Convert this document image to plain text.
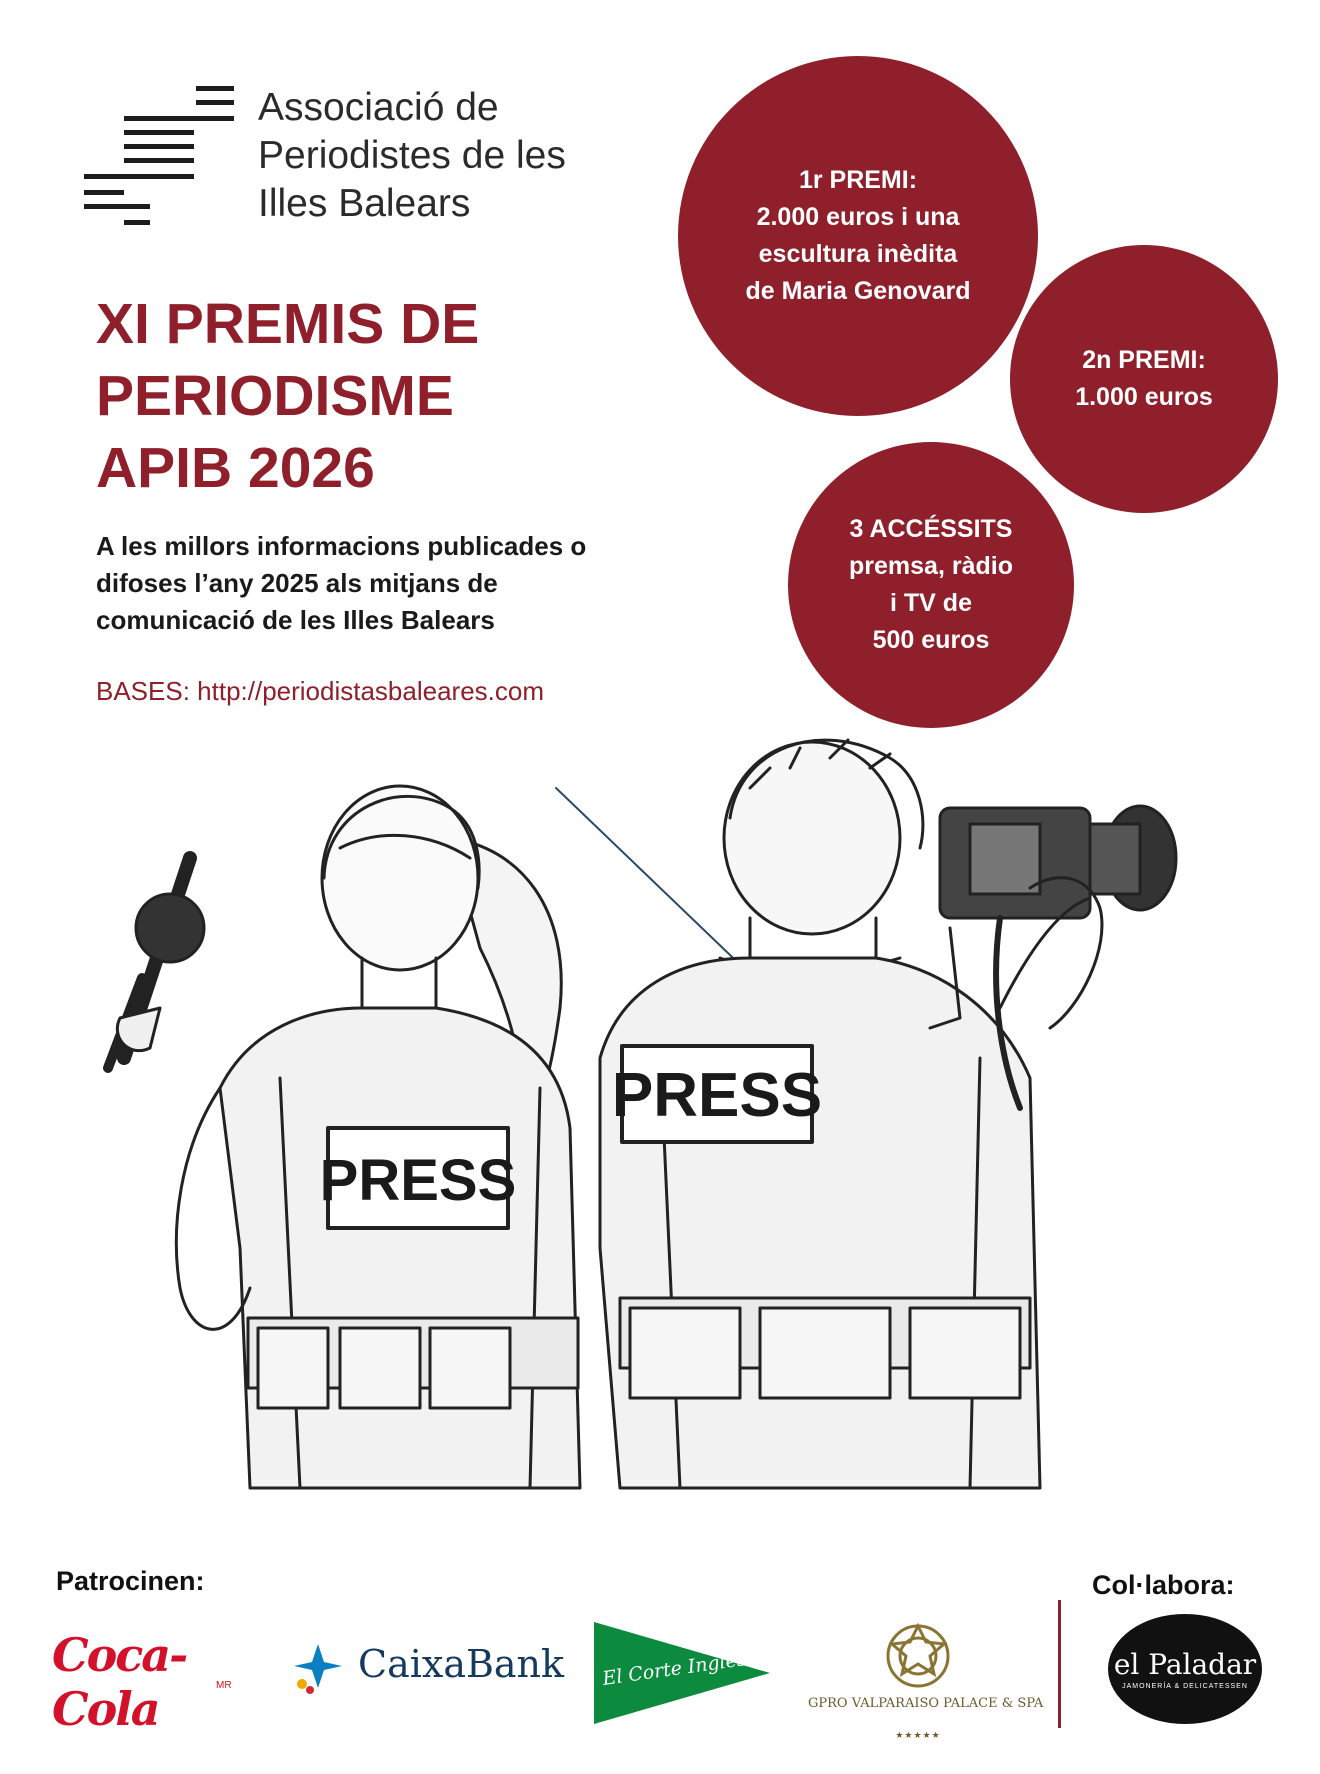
Associació de
Periodistes de les
Illes Balears
XI PREMIS DE
PERIODISME
APIB 2026
A les millors informacions publicades o
difoses l’any 2025 als mitjans de
comunicació de les Illes Balears
BASES: http://periodistasbaleares.com
1r PREMI:
2.000 euros i una
escultura inèdita
de Maria Genovard
2n PREMI:
1.000 euros
3 ACCÉSSITS
premsa, ràdio
i TV de
500 euros
PRESS
PRESS
Patrocinen:	Col·labora:
Coca-Cola	MR	CaixaBank El Corte Inglés
GPRO VALPARAISO PALACE & SPA
★★★★★
el Paladar
JAMONERÍA & DELICATESSEN
